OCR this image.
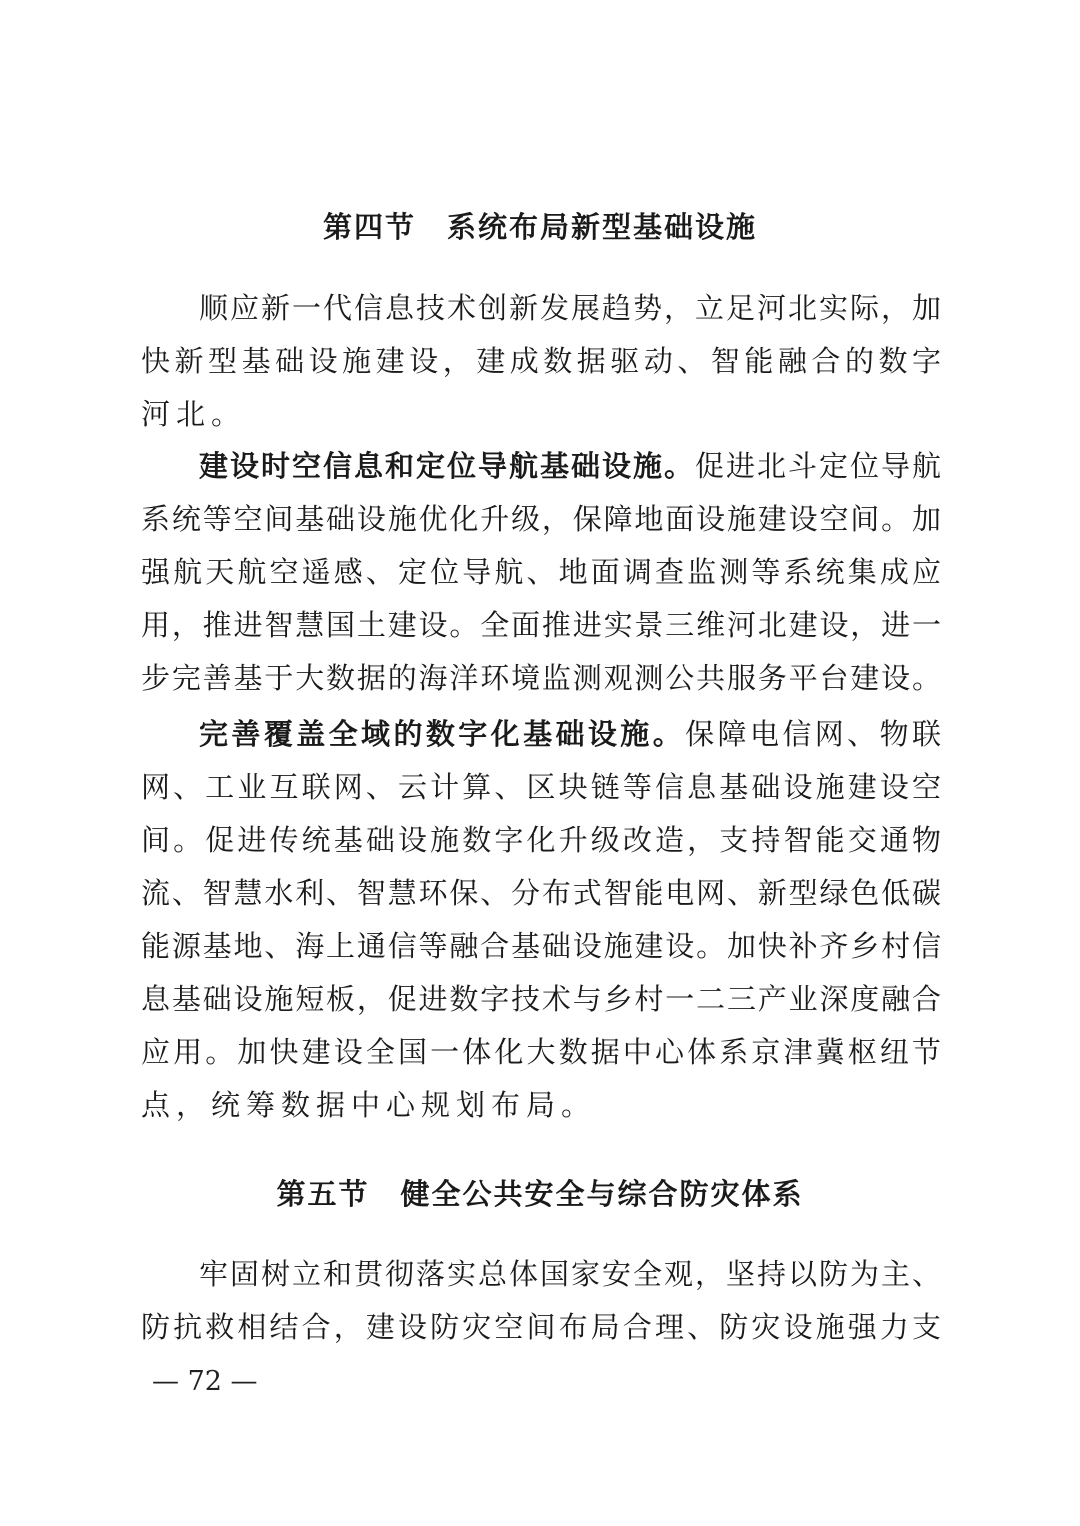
第四节　系统布局新型基础设施
顺应新一代信息技术创新发展趋势，立足河北实际，加
快新型基础设施建设，建成数据驱动、智能融合的数字
河北。
建设时空信息和定位导航基础设施。促进北斗定位导航
系统等空间基础设施优化升级，保障地面设施建设空间。加
强航天航空遥感、定位导航、地面调查监测等系统集成应
用，推进智慧国土建设。全面推进实景三维河北建设，进一
步完善基于大数据的海洋环境监测观测公共服务平台建设。
完善覆盖全域的数字化基础设施。保障电信网、物联
网、工业互联网、云计算、区块链等信息基础设施建设空
间。促进传统基础设施数字化升级改造，支持智能交通物
流、智慧水利、智慧环保、分布式智能电网、新型绿色低碳
能源基地、海上通信等融合基础设施建设。加快补齐乡村信
息基础设施短板，促进数字技术与乡村一二三产业深度融合
应用。加快建设全国一体化大数据中心体系京津冀枢纽节
点，统筹数据中心规划布局。
第五节　健全公共安全与综合防灾体系
牢固树立和贯彻落实总体国家安全观，坚持以防为主、
防抗救相结合，建设防灾空间布局合理、防灾设施强力支
— 72 —
